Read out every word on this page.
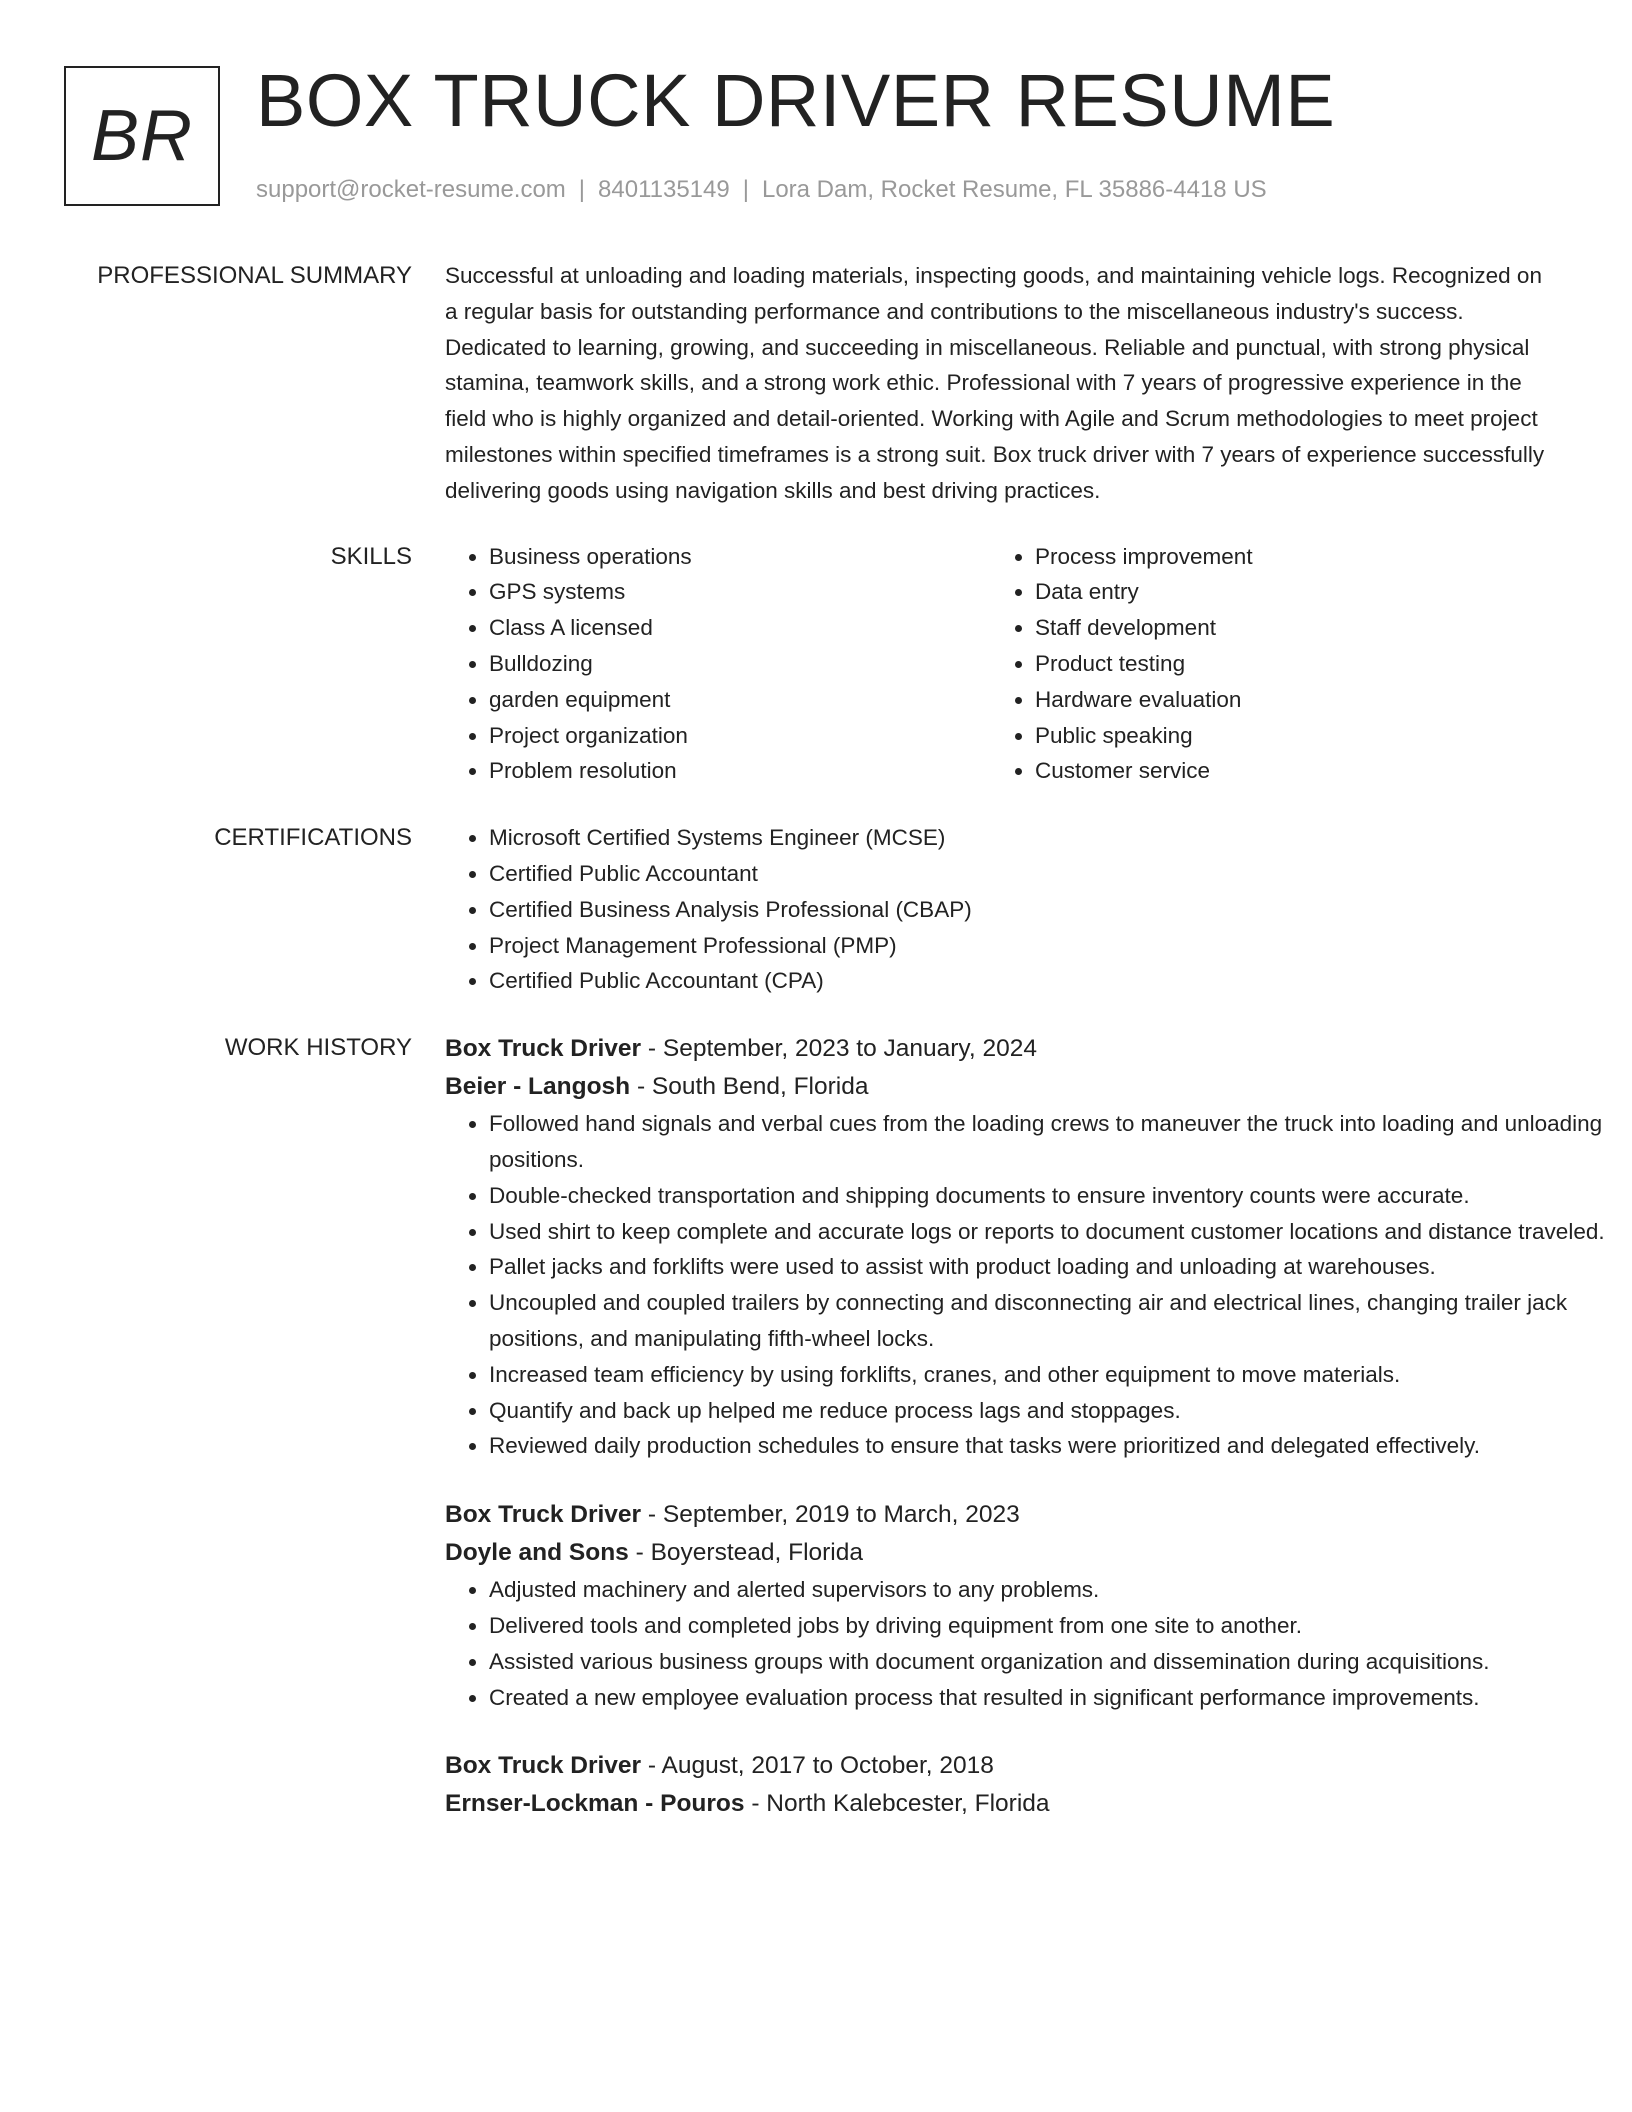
BR BOX TRUCK DRIVER RESUME
support@rocket-resume.com | 8401135149 | Lora Dam, Rocket Resume, FL 35886-4418 US
PROFESSIONAL SUMMARY Successful at unloading and loading materials, inspecting goods, and maintaining vehicle logs. Recognized on a regular basis for outstanding performance and contributions to the miscellaneous industry's success. Dedicated to learning, growing, and succeeding in miscellaneous. Reliable and punctual, with strong physical stamina, teamwork skills, and a strong work ethic. Professional with 7 years of progressive experience in the field who is highly organized and detail-oriented. Working with Agile and Scrum methodologies to meet project milestones within specified timeframes is a strong suit. Box truck driver with 7 years of experience successfully delivering goods using navigation skills and best driving practices.

SKILLS	• Business operations
• GPS systems
• Class A licensed
• Bulldozing
• garden equipment
• Project organization
• Problem resolution
• Process improvement
• Data entry
• Staff development
• Product testing
• Hardware evaluation
• Public speaking
• Customer service
CERTIFICATIONS	• Microsoft Certified Systems Engineer (MCSE)
• Certified Public Accountant
• Certified Business Analysis Professional (CBAP)
• Project Management Professional (PMP)
• Certified Public Accountant (CPA)
WORK HISTORY Box Truck Driver - September, 2023 to January, 2024
Beier - Langosh - South Bend, Florida
• Followed hand signals and verbal cues from the loading crews to maneuver the truck into loading and unloading positions.
• Double-checked transportation and shipping documents to ensure inventory counts were accurate.
• Used shirt to keep complete and accurate logs or reports to document customer locations and distance traveled.
• Pallet jacks and forklifts were used to assist with product loading and unloading at warehouses.
• Uncoupled and coupled trailers by connecting and disconnecting air and electrical lines, changing trailer jack positions, and manipulating fifth-wheel locks.
• Increased team efficiency by using forklifts, cranes, and other equipment to move materials.
• Quantify and back up helped me reduce process lags and stoppages.
• Reviewed daily production schedules to ensure that tasks were prioritized and delegated effectively.
Box Truck Driver - September, 2019 to March, 2023
Doyle and Sons - Boyerstead, Florida
• Adjusted machinery and alerted supervisors to any problems.
• Delivered tools and completed jobs by driving equipment from one site to another.
• Assisted various business groups with document organization and dissemination during acquisitions.
• Created a new employee evaluation process that resulted in significant performance improvements.
Box Truck Driver - August, 2017 to October, 2018
Ernser-Lockman - Pouros - North Kalebcester, Florida
